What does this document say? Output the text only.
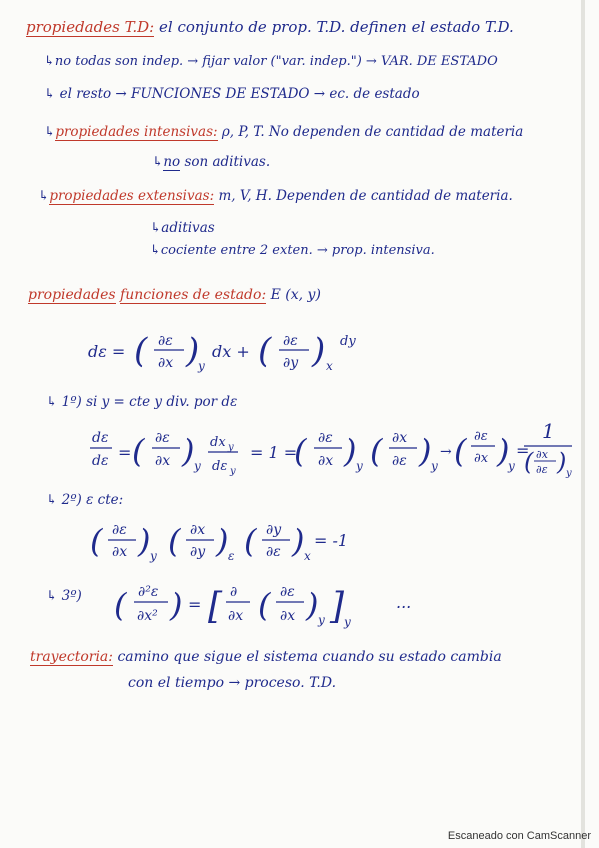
propiedades T.D: el conjunto de prop. T.D. definen el estado T.D.
↳no todas son indep. → fijar valor ("var. indep.") → VAR. DE ESTADO
↳ el resto → FUNCIONES DE ESTADO → ec. de estado
↳propiedades intensivas: ρ, P, T. No dependen de cantidad de materia
↳no son aditivas.
↳propiedades extensivas: m, V, H. Dependen de cantidad de materia.
↳aditivas
↳cociente entre 2 exten. → prop. intensiva.
propiedades funciones de estado: E (x, y)
↳ 1º) si y = cte y div. por dε
↳ 2º) ε cte:
↳ 3º)
dε = ( ∂ε
∂x )
y
dx + ( ∂ε
∂y ) x
dy
dε
dε = ( ∂ε
∂x ) y
dx y
dε y
= 1 =
( ∂ε
∂x ) y ( ∂x
∂ε ) y
→ ( ∂ε
∂x )
y
=
1
( ∂x
∂ε ) y
( ∂ε
∂x ) y ( ∂x
∂y ) ε ( ∂y
∂ε ) x
= -1
( ∂²ε
∂x² ) = [ ∂
∂x ( ∂ε
∂x ) y ] y
...
trayectoria: camino que sigue el sistema cuando su estado cambia
con el tiempo → proceso. T.D.
Escaneado con CamScanner
